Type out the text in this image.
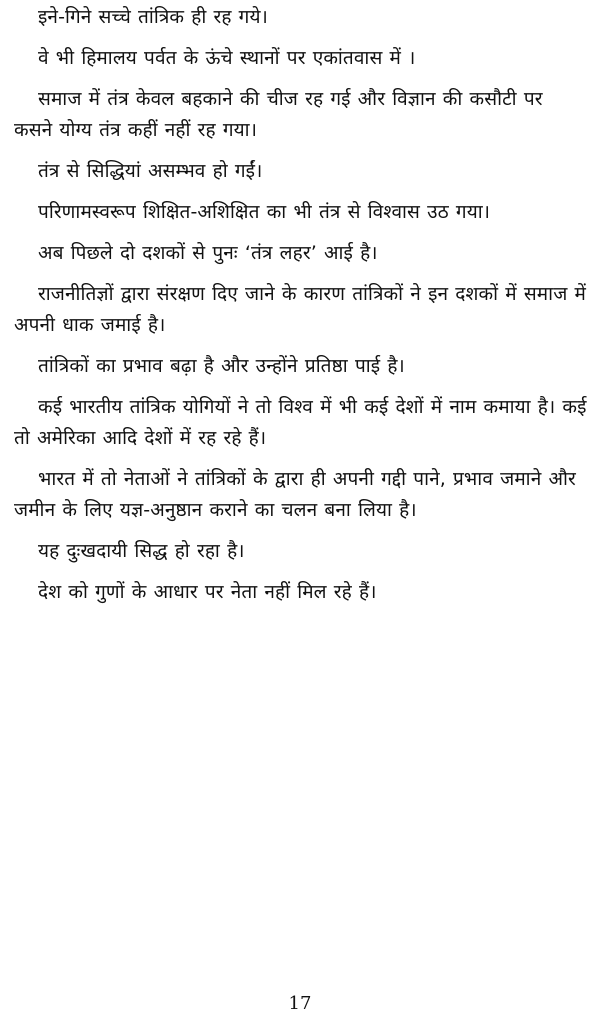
इने-गिने सच्चे तांत्रिक ही रह गये।

वे भी हिमालय पर्वत के ऊंचे स्थानों पर एकांतवास में ।

समाज में तंत्र केवल बहकाने की चीज रह गई और विज्ञान की कसौटी पर कसने योग्य तंत्र कहीं नहीं रह गया।

तंत्र से सिद्धियां असम्भव हो गईं।

परिणामस्वरूप शिक्षित-अशिक्षित का भी तंत्र से विश्वास उठ गया।

अब पिछले दो दशकों से पुनः ‘तंत्र लहर’ आई है।

राजनीतिज्ञों द्वारा संरक्षण दिए जाने के कारण तांत्रिकों ने इन दशकों में समाज में अपनी धाक जमाई है।

तांत्रिकों का प्रभाव बढ़ा है और उन्होंने प्रतिष्ठा पाई है।

कई भारतीय तांत्रिक योगियों ने तो विश्व में भी कई देशों में नाम कमाया है। कई तो अमेरिका आदि देशों में रह रहे हैं।

भारत में तो नेताओं ने तांत्रिकों के द्वारा ही अपनी गद्दी पाने, प्रभाव जमाने और जमीन के लिए यज्ञ-अनुष्ठान कराने का चलन बना लिया है।

यह दुःखदायी सिद्ध हो रहा है।

देश को गुणों के आधार पर नेता नहीं मिल रहे हैं।

17
